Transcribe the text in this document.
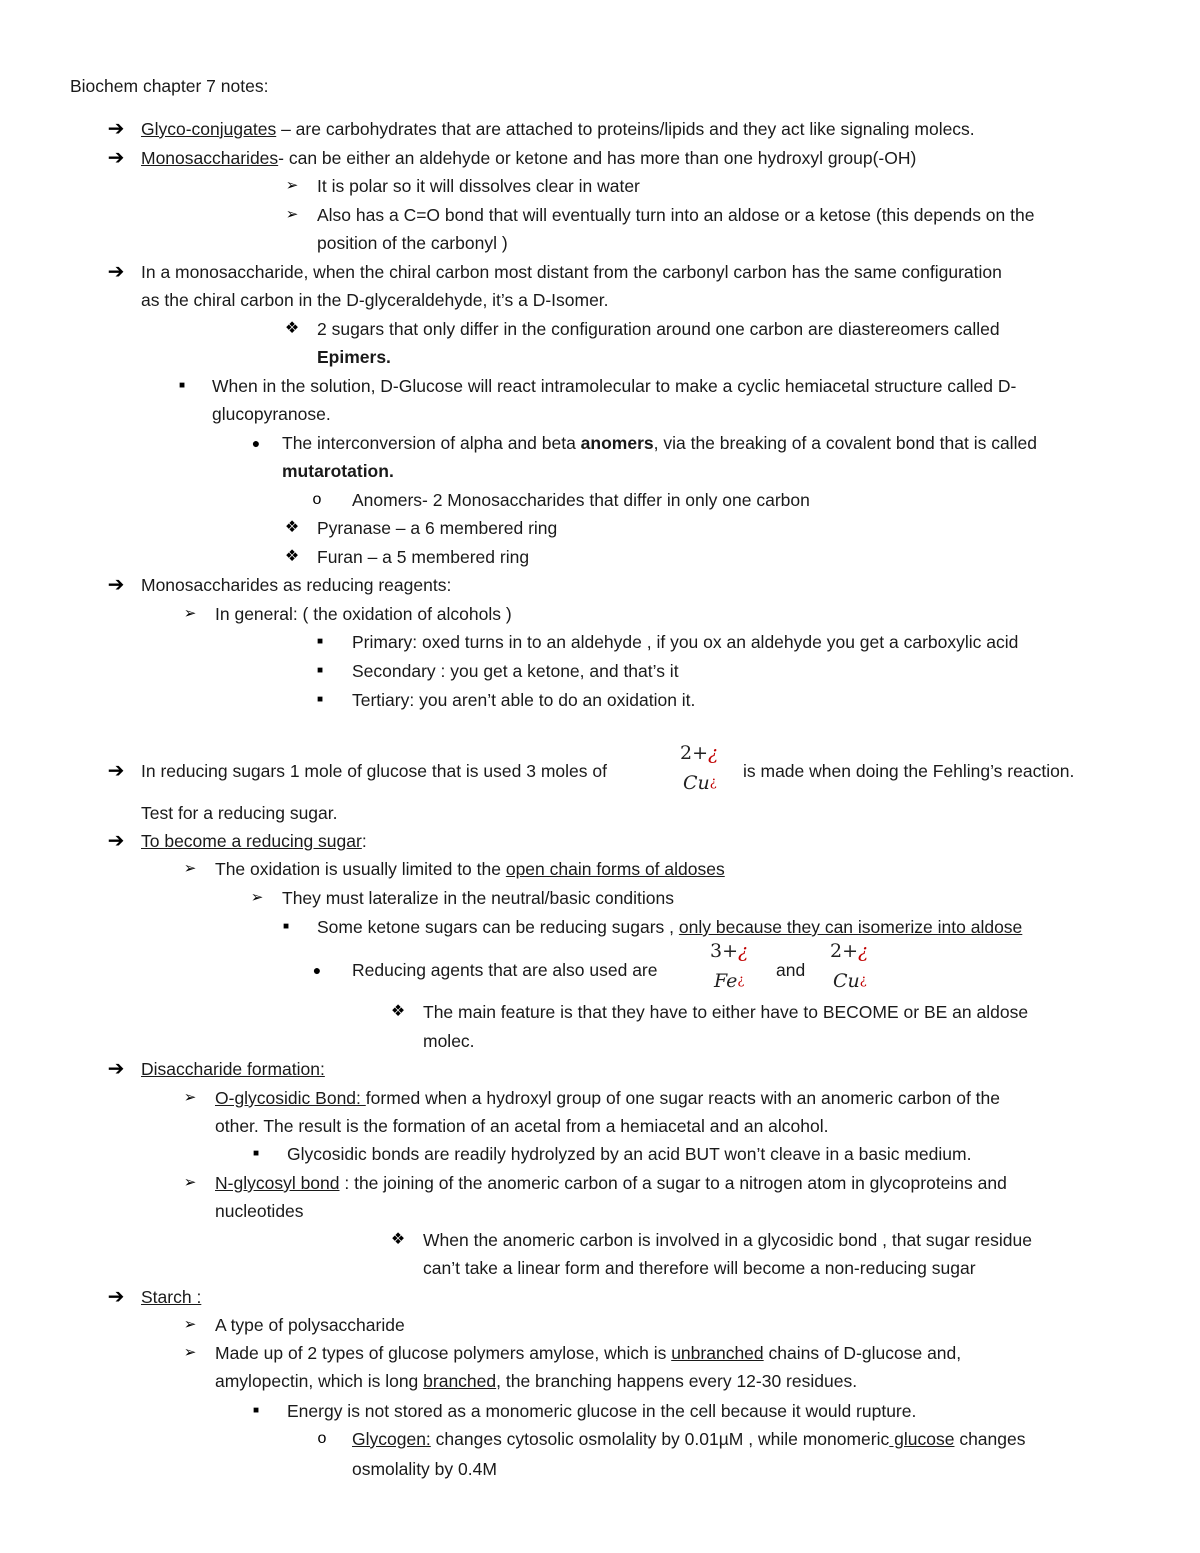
Biochem chapter 7 notes:
➔ Glyco-conjugates – are carbohydrates that are attached to proteins/lipids and they act like signaling molecs.
➔ Monosaccharides- can be either an aldehyde or ketone and has more than one hydroxyl group(-OH)
➢	It is polar so it will dissolves clear in water
➢	Also has a C=O bond that will eventually turn into an aldose or a ketose (this depends on the
position of the carbonyl )
➔ In a monosaccharide, when the chiral carbon most distant from the carbonyl carbon has the same configuration
as the chiral carbon in the D-glyceraldehyde, it’s a D-Isomer.
❖ 2 sugars that only differ in the configuration around one carbon are diastereomers called
Epimers.
■	When in the solution, D-Glucose will react intramolecular to make a cyclic hemiacetal structure called D-
glucopyranose.
●	The interconversion of alpha and beta anomers, via the breaking of a covalent bond that is called
mutarotation.
o	Anomers- 2 Monosaccharides that differ in only one carbon
❖ Pyranase – a 6 membered ring
❖ Furan – a 5 membered ring
➔ Monosaccharides as reducing reagents:
➢	In general: ( the oxidation of alcohols )
■	Primary: oxed turns in to an aldehyde , if you ox an aldehyde you get a carboxylic acid
■	Secondary : you get a ketone, and that’s it
■	Tertiary: you aren’t able to do an oxidation it.
➔ In reducing sugars 1 mole of glucose that is used 3 moles of
2+¿
Cu¿
is made when doing the Fehling’s reaction.
Test for a reducing sugar.
➔ To become a reducing sugar:
➢	The oxidation is usually limited to the open chain forms of aldoses
➢	They must lateralize in the neutral/basic conditions
■	Some ketone sugars can be reducing sugars , only because they can isomerize into aldose
●	Reducing agents that are also used are
3+¿
Fe¿
and
2+¿
Cu¿
❖ The main feature is that they have to either have to BECOME or BE an aldose
molec.
➔ Disaccharide formation:
➢	O-glycosidic Bond: formed when a hydroxyl group of one sugar reacts with an anomeric carbon of the
other. The result is the formation of an acetal from a hemiacetal and an alcohol.
■	Glycosidic bonds are readily hydrolyzed by an acid BUT won’t cleave in a basic medium.
➢	N-glycosyl bond : the joining of the anomeric carbon of a sugar to a nitrogen atom in glycoproteins and
nucleotides
❖ When the anomeric carbon is involved in a glycosidic bond , that sugar residue
can’t take a linear form and therefore will become a non-reducing sugar
➔ Starch :
➢	A type of polysaccharide
➢	Made up of 2 types of glucose polymers amylose, which is unbranched chains of D-glucose and,
amylopectin, which is long branched, the branching happens every 12-30 residues.
■	Energy is not stored as a monomeric glucose in the cell because it would rupture.
o	Glycogen: changes cytosolic osmolality by 0.01µM , while monomeric glucose changes
osmolality by 0.4M
